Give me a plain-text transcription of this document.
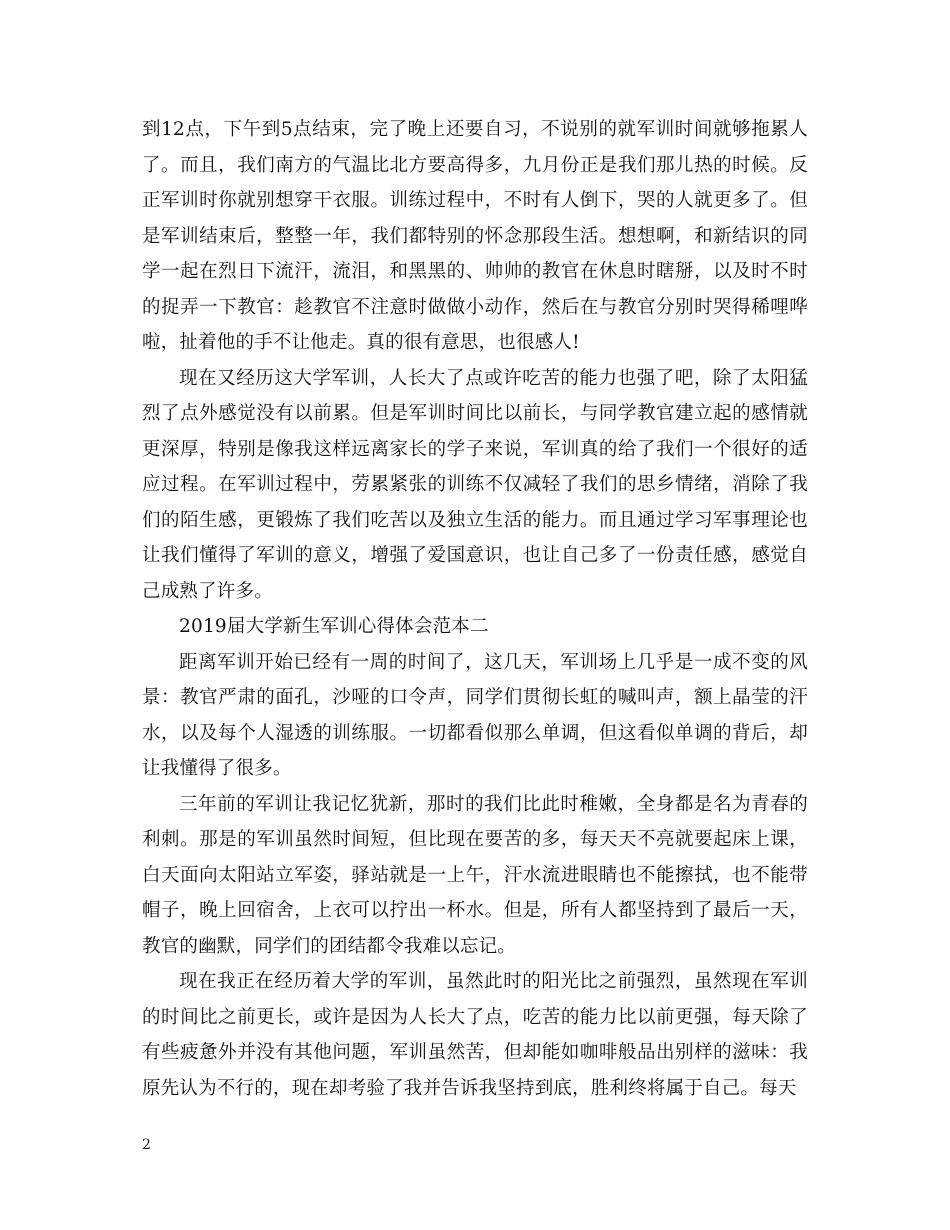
到12点，下午到5点结束，完了晚上还要自习，不说别的就军训时间就够拖累人了。而且，我们南方的气温比北方要高得多，九月份正是我们那儿热的时候。反正军训时你就别想穿干衣服。训练过程中，不时有人倒下，哭的人就更多了。但是军训结束后，整整一年，我们都特别的怀念那段生活。想想啊，和新结识的同学一起在烈日下流汗，流泪，和黑黑的、帅帅的教官在休息时瞎掰，以及时不时的捉弄一下教官：趁教官不注意时做做小动作，然后在与教官分别时哭得稀哩哗啦，扯着他的手不让他走。真的很有意思，也很感人!

现在又经历这大学军训，人长大了点或许吃苦的能力也强了吧，除了太阳猛烈了点外感觉没有以前累。但是军训时间比以前长，与同学教官建立起的感情就更深厚，特别是像我这样远离家长的学子来说，军训真的给了我们一个很好的适应过程。在军训过程中，劳累紧张的训练不仅减轻了我们的思乡情绪，消除了我们的陌生感，更锻炼了我们吃苦以及独立生活的能力。而且通过学习军事理论也让我们懂得了军训的意义，增强了爱国意识，也让自己多了一份责任感，感觉自己成熟了许多。

2019届大学新生军训心得体会范本二

距离军训开始已经有一周的时间了，这几天，军训场上几乎是一成不变的风景：教官严肃的面孔，沙哑的口令声，同学们贯彻长虹的喊叫声，额上晶莹的汗水，以及每个人湿透的训练服。一切都看似那么单调，但这看似单调的背后，却让我懂得了很多。

三年前的军训让我记忆犹新，那时的我们比此时稚嫩，全身都是名为青春的利刺。那是的军训虽然时间短，但比现在要苦的多，每天天不亮就要起床上课，白天面向太阳站立军姿，驿站就是一上午，汗水流进眼睛也不能擦拭，也不能带帽子，晚上回宿舍，上衣可以拧出一杯水。但是，所有人都坚持到了最后一天，教官的幽默，同学们的团结都令我难以忘记。

现在我正在经历着大学的军训，虽然此时的阳光比之前强烈，虽然现在军训的时间比之前更长，或许是因为人长大了点，吃苦的能力比以前更强，每天除了有些疲惫外并没有其他问题，军训虽然苦，但却能如咖啡般品出别样的滋味：我原先认为不行的，现在却考验了我并告诉我坚持到底，胜利终将属于自己。每天

2
